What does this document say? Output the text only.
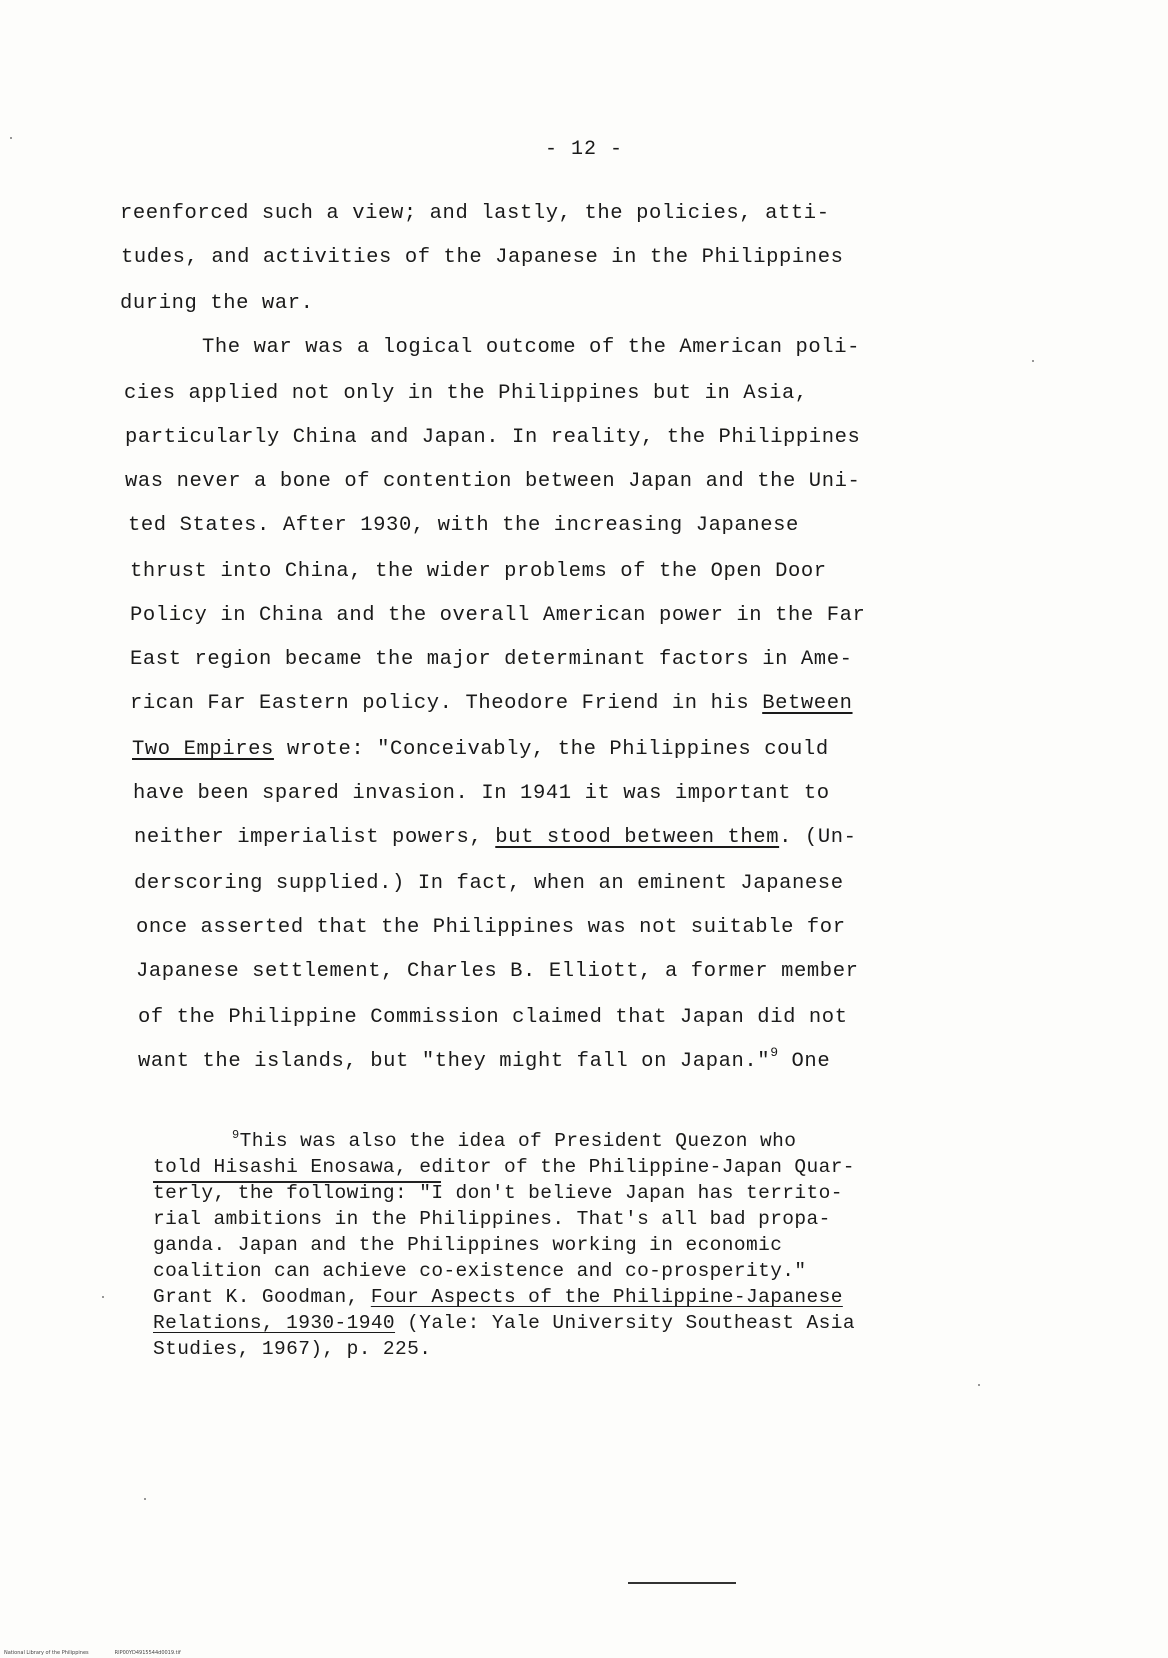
- 12 -
reenforced such a view; and lastly, the policies, atti-
tudes, and activities of the Japanese in the Philippines
during the war.
The war was a logical outcome of the American poli-
cies applied not only in the Philippines but in Asia,
particularly China and Japan. In reality, the Philippines
was never a bone of contention between Japan and the Uni-
ted States. After 1930, with the increasing Japanese
thrust into China, the wider problems of the Open Door
Policy in China and the overall American power in the Far
East region became the major determinant factors in Ame-
rican Far Eastern policy. Theodore Friend in his Between
Two Empires wrote: "Conceivably, the Philippines could
have been spared invasion. In 1941 it was important to
neither imperialist powers, but stood between them. (Un-
derscoring supplied.) In fact, when an eminent Japanese
once asserted that the Philippines was not suitable for
Japanese settlement, Charles B. Elliott, a former member
of the Philippine Commission claimed that Japan did not
want the islands, but "they might fall on Japan."$^9$ One
$^9$This was also the idea of President Quezon who
told Hisashi Enosawa, editor of the Philippine-Japan Quar-
terly, the following: "I don't believe Japan has territo-
rial ambitions in the Philippines. That's all bad propa-
ganda. Japan and the Philippines working in economic
coalition can achieve co-existence and co-prosperity."
Grant K. Goodman, Four Aspects of the Philippine-Japanese
Relations, 1930-1940 (Yale: Yale University Southeast Asia
Studies, 1967), p. 225.
National Library of the Philippines	RIP00YD4915544d0019.tif
